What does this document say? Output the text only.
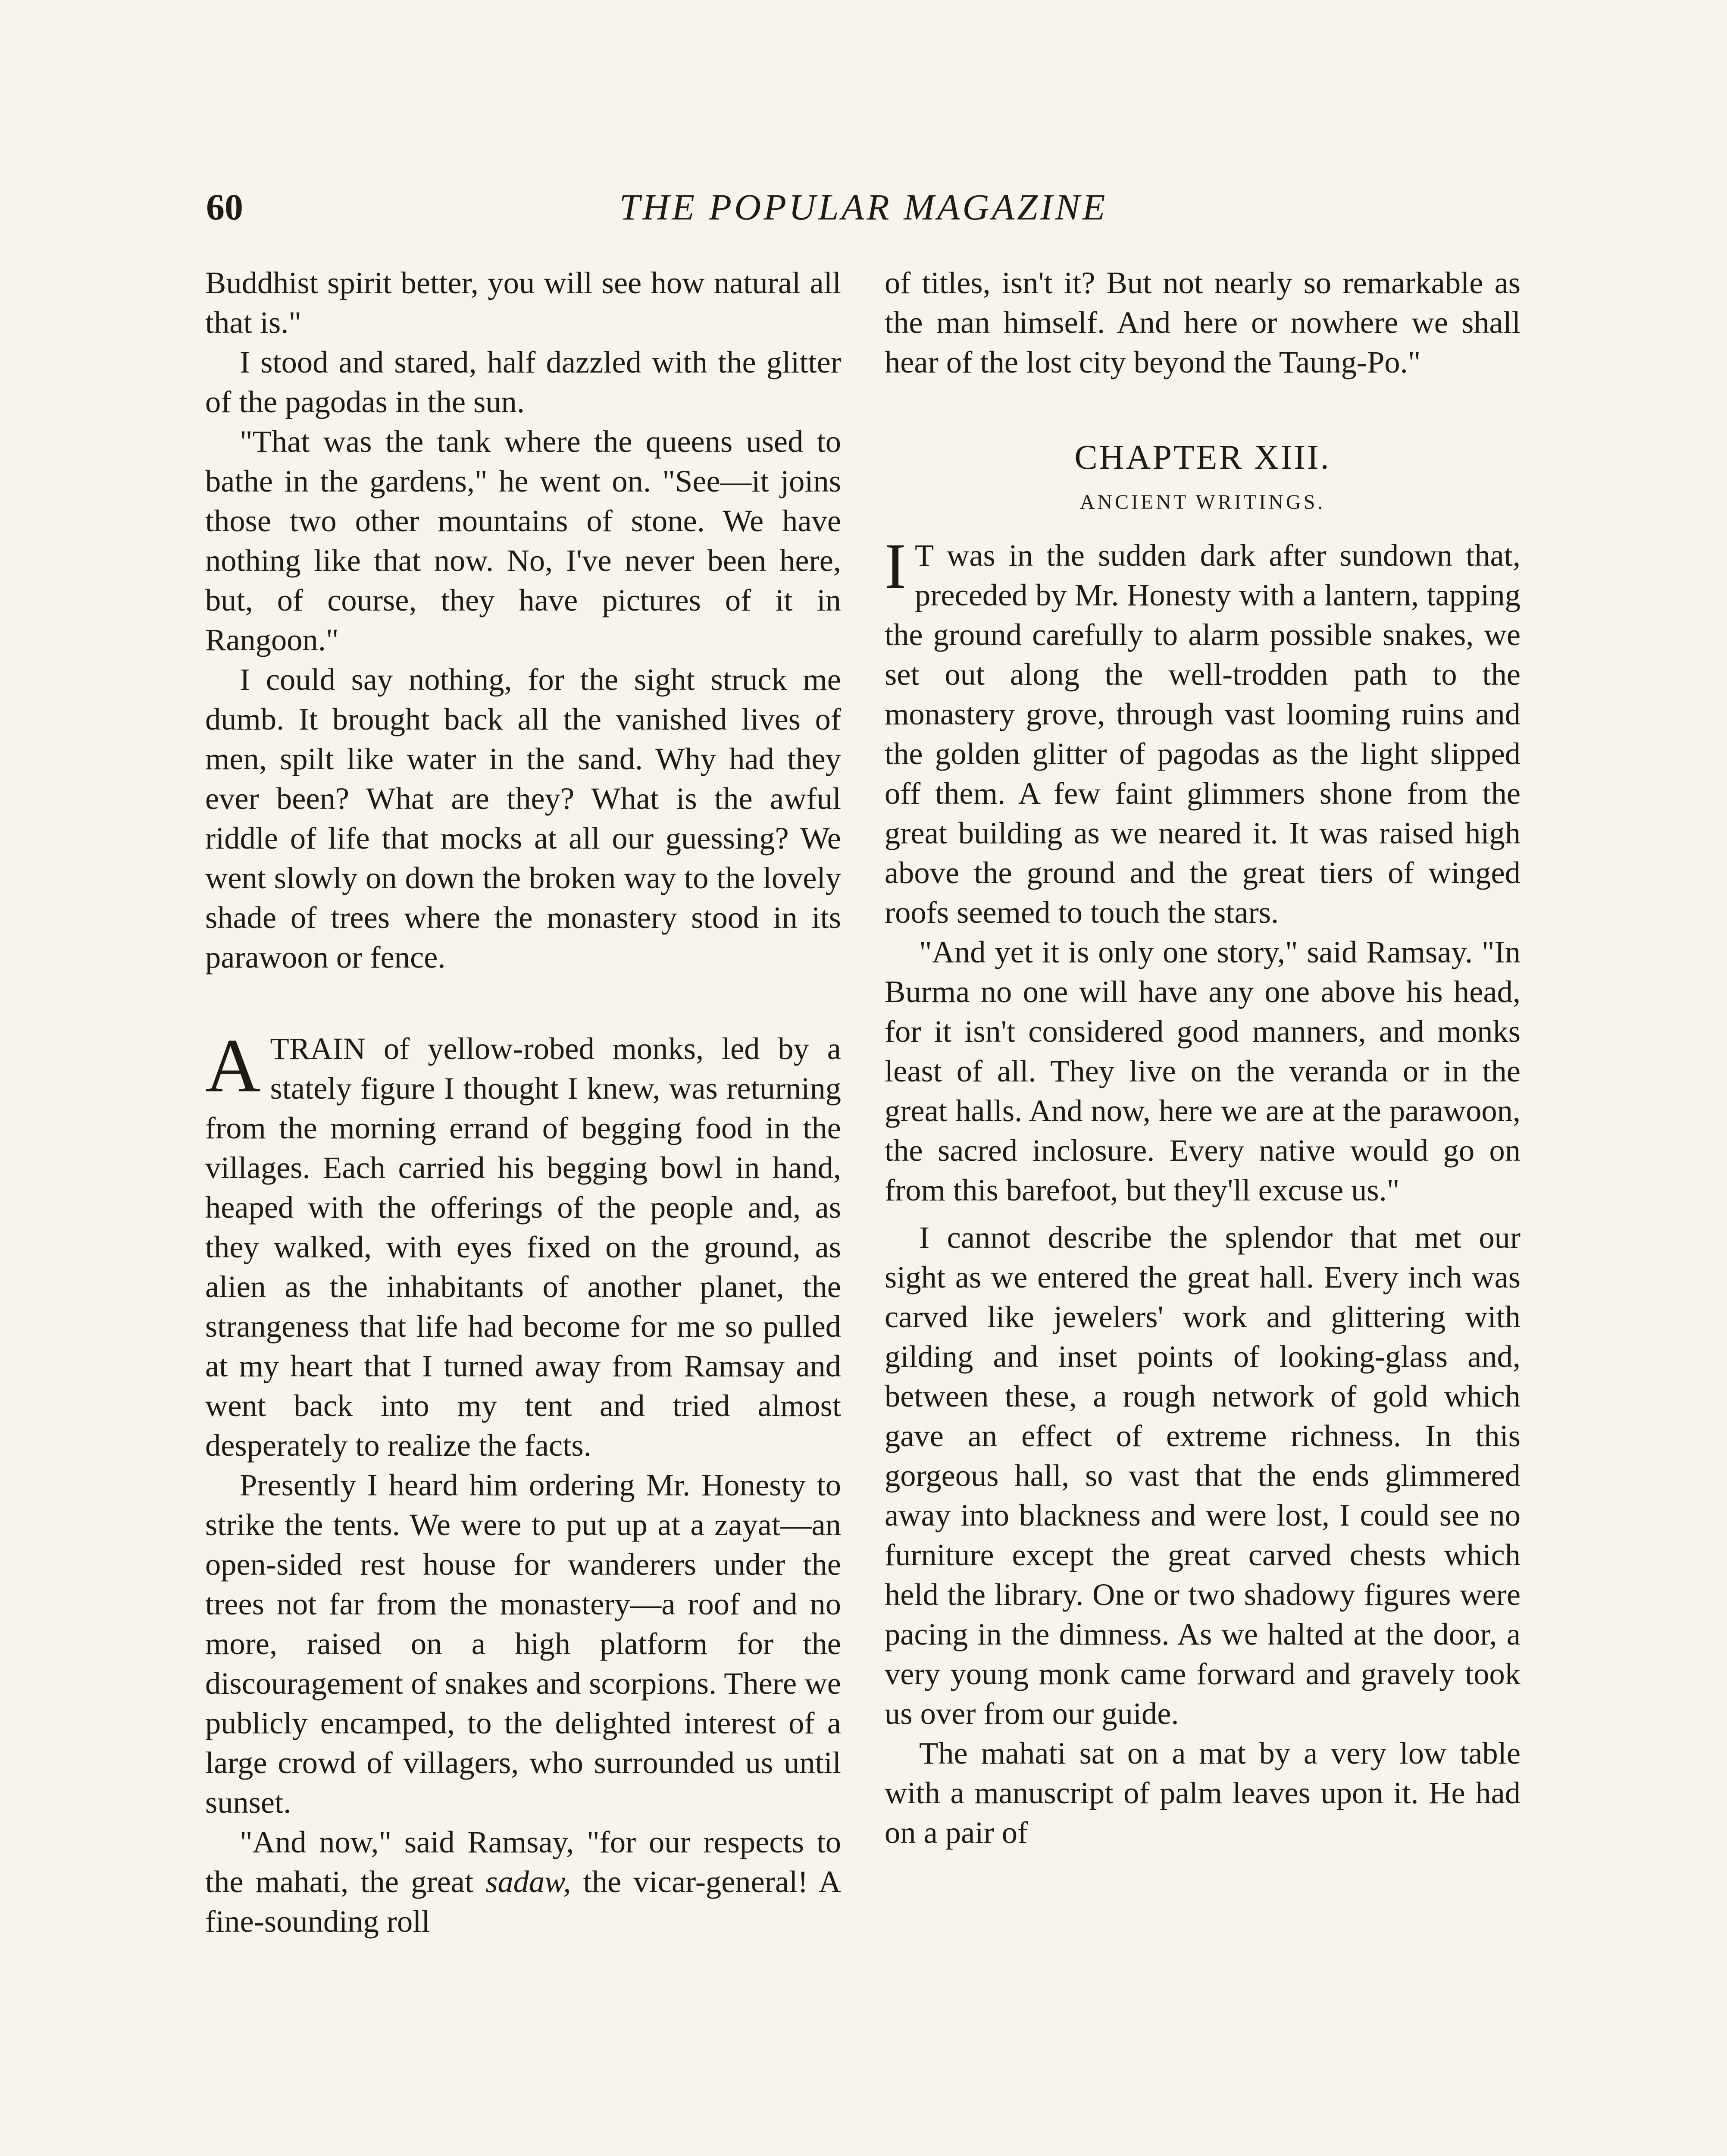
60	THE POPULAR MAGAZINE

Buddhist spirit better, you will see how natural all that is."

I stood and stared, half dazzled with the glitter of the pagodas in the sun.

"That was the tank where the queens used to bathe in the gardens," he went on. "See—it joins those two other mountains of stone. We have nothing like that now. No, I've never been here, but, of course, they have pictures of it in Rangoon."

I could say nothing, for the sight struck me dumb. It brought back all the vanished lives of men, spilt like water in the sand. Why had they ever been? What are they? What is the awful riddle of life that mocks at all our guessing? We went slowly on down the broken way to the lovely shade of trees where the monastery stood in its parawoon or fence.

ATRAIN of yellow-robed monks, led by a stately figure I thought I knew, was returning from the morning errand of begging food in the villages. Each carried his begging bowl in hand, heaped with the offerings of the people and, as they walked, with eyes fixed on the ground, as alien as the inhabitants of another planet, the strangeness that life had become for me so pulled at my heart that I turned away from Ramsay and went back into my tent and tried almost desperately to realize the facts.

Presently I heard him ordering Mr. Honesty to strike the tents. We were to put up at a zayat—an open-sided rest house for wanderers under the trees not far from the monastery—a roof and no more, raised on a high platform for the discouragement of snakes and scorpions. There we publicly encamped, to the delighted interest of a large crowd of villagers, who surrounded us until sunset.

"And now," said Ramsay, "for our respects to the mahati, the great sadaw, the vicar-general! A fine-sounding roll

of titles, isn't it? But not nearly so remarkable as the man himself. And here or nowhere we shall hear of the lost city beyond the Taung-Po."

CHAPTER XIII.
ANCIENT WRITINGS.

I T was in the sudden dark after sundown that, preceded by Mr. Honesty with a lantern, tapping the ground carefully to alarm possible snakes, we set out along the well-trodden path to the monastery grove, through vast looming ruins and the golden glitter of pagodas as the light slipped off them. A few faint glimmers shone from the great building as we neared it. It was raised high above the ground and the great tiers of winged roofs seemed to touch the stars.

"And yet it is only one story," said Ramsay. "In Burma no one will have any one above his head, for it isn't considered good manners, and monks least of all. They live on the veranda or in the great halls. And now, here we are at the parawoon, the sacred inclosure. Every native would go on from this barefoot, but they'll excuse us."

I cannot describe the splendor that met our sight as we entered the great hall. Every inch was carved like jewelers' work and glittering with gilding and inset points of looking-glass and, between these, a rough network of gold which gave an effect of extreme richness. In this gorgeous hall, so vast that the ends glimmered away into blackness and were lost, I could see no furniture except the great carved chests which held the library. One or two shadowy figures were pacing in the dimness. As we halted at the door, a very young monk came forward and gravely took us over from our guide.

The mahati sat on a mat by a very low table with a manuscript of palm leaves upon it. He had on a pair of
